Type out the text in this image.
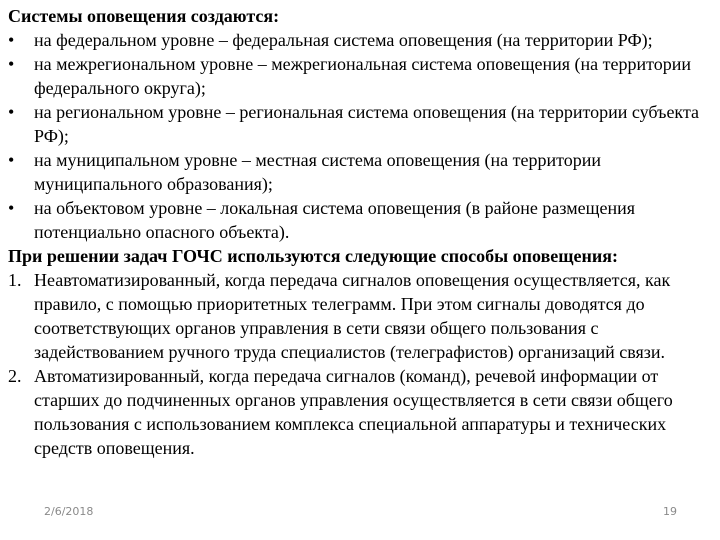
Системы оповещения создаются:

•	на федеральном уровне – федеральная система оповещения (на территории РФ);
•	на межрегиональном уровне – межрегиональная система оповещения (на территории федерального округа);
•	на региональном уровне – региональная система оповещения (на территории субъекта РФ);
•	на муниципальном уровне – местная система оповещения (на территории муниципального образования);
•	на объектовом уровне – локальная система оповещения (в районе размещения потенциально опасного объекта).

При решении задач ГОЧС используются следующие способы оповещения:

1. Неавтоматизированный, когда передача сигналов оповещения осуществляется, как правило, с помощью приоритетных телеграмм. При этом сигналы доводятся до соответствующих органов управления в сети связи общего пользования с задействованием ручного труда специалистов (телеграфистов) организаций связи.
2. Автоматизированный, когда передача сигналов (команд), речевой информации от старших до подчиненных органов управления осуществляется в сети связи общего пользования с использованием комплекса специальной аппаратуры и технических средств оповещения.
2/6/2018	19
